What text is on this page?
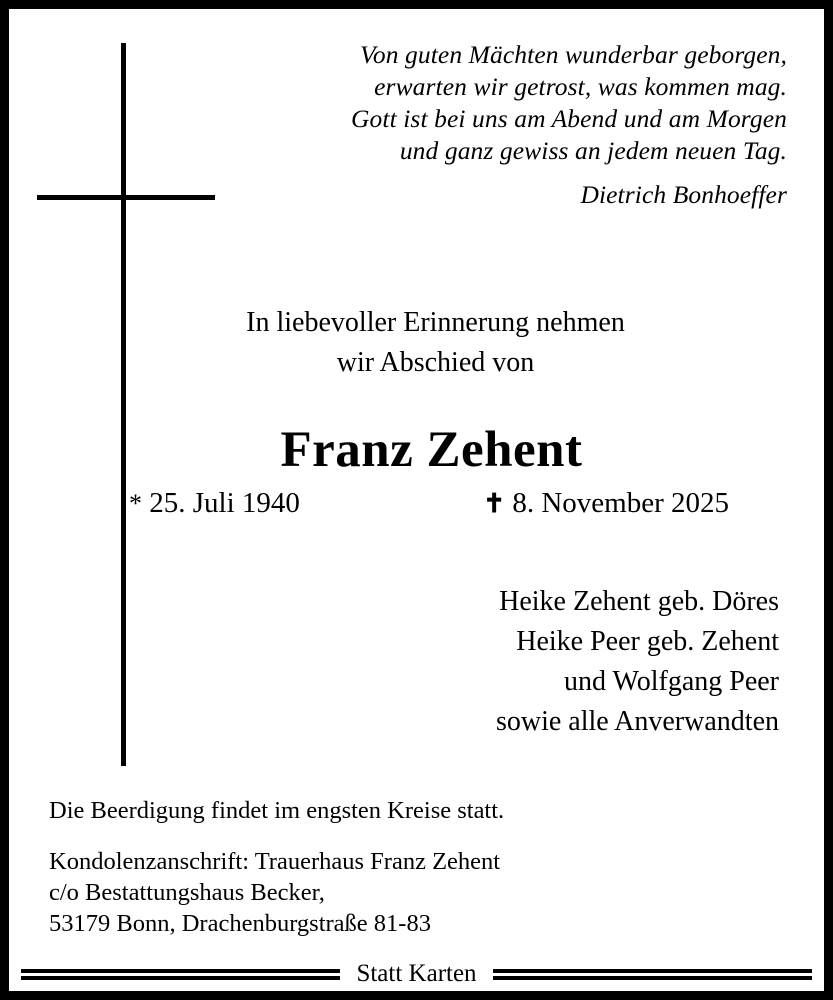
Von guten Mächten wunderbar geborgen,
erwarten wir getrost, was kommen mag.
Gott ist bei uns am Abend und am Morgen
und ganz gewiss an jedem neuen Tag.
Dietrich Bonhoeffer
In liebevoller Erinnerung nehmen
wir Abschied von
Franz Zehent
* 25. Juli 1940	✝ 8. November 2025
Heike Zehent geb. Döres
Heike Peer geb. Zehent
und Wolfgang Peer
sowie alle Anverwandten
Die Beerdigung findet im engsten Kreise statt.
Kondolenzanschrift: Trauerhaus Franz Zehent
c/o Bestattungshaus Becker,
53179 Bonn, Drachenburgstraße 81-83
Statt Karten
